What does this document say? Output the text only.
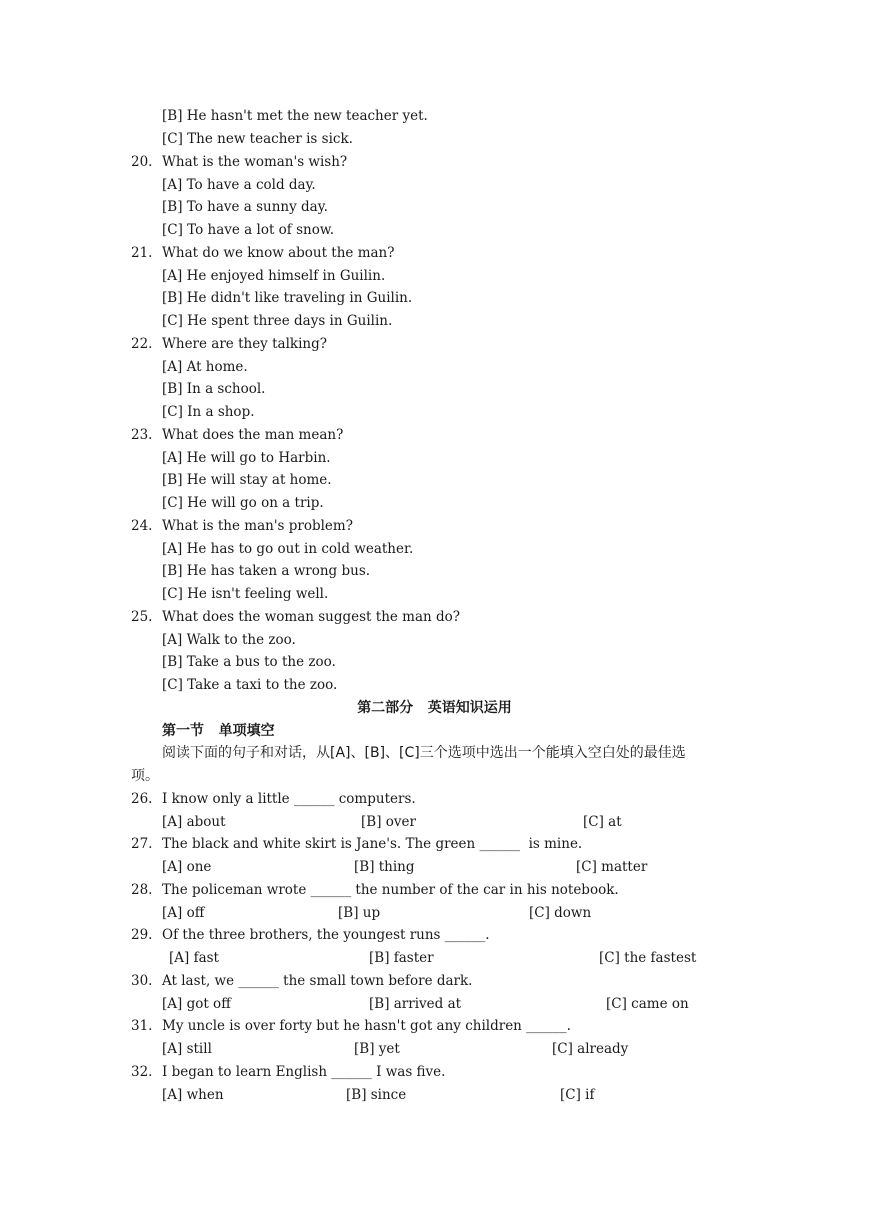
[B] He hasn't met the new teacher yet.
[C] The new teacher is sick.
20. What is the woman's wish?
[A] To have a cold day.
[B] To have a sunny day.
[C] To have a lot of snow.
21. What do we know about the man?
[A] He enjoyed himself in Guilin.
[B] He didn't like traveling in Guilin.
[C] He spent three days in Guilin.
22. Where are they talking?
[A] At home.
[B] In a school.
[C] In a shop.
23. What does the man mean?
[A] He will go to Harbin.
[B] He will stay at home.
[C] He will go on a trip.
24. What is the man's problem?
[A] He has to go out in cold weather.
[B] He has taken a wrong bus.
[C] He isn't feeling well.
25. What does the woman suggest the man do?
[A] Walk to the zoo.
[B] Take a bus to the zoo.
[C] Take a taxi to the zoo.
第二部分   英语知识运用
第一节   单项填空
阅读下面的句子和对话，从[A]、[B]、[C]三个选项中选出一个能填入空白处的最佳选
项。
26. I know only a little ______ computers.
[A] about	[B] over	[C] at
27. The black and white skirt is Jane's. The green ______  is mine.
[A] one	[B] thing	[C] matter
28. The policeman wrote ______ the number of the car in his notebook.
[A] off	[B] up	[C] down
29. Of the three brothers, the youngest runs ______.
[A] fast	[B] faster	[C] the fastest
30. At last, we ______ the small town before dark.
[A] got off	[B] arrived at	[C] came on
31. My uncle is over forty but he hasn't got any children ______.
[A] still	[B] yet	[C] already
32. I began to learn English ______ I was five.
[A] when	[B] since	[C] if
